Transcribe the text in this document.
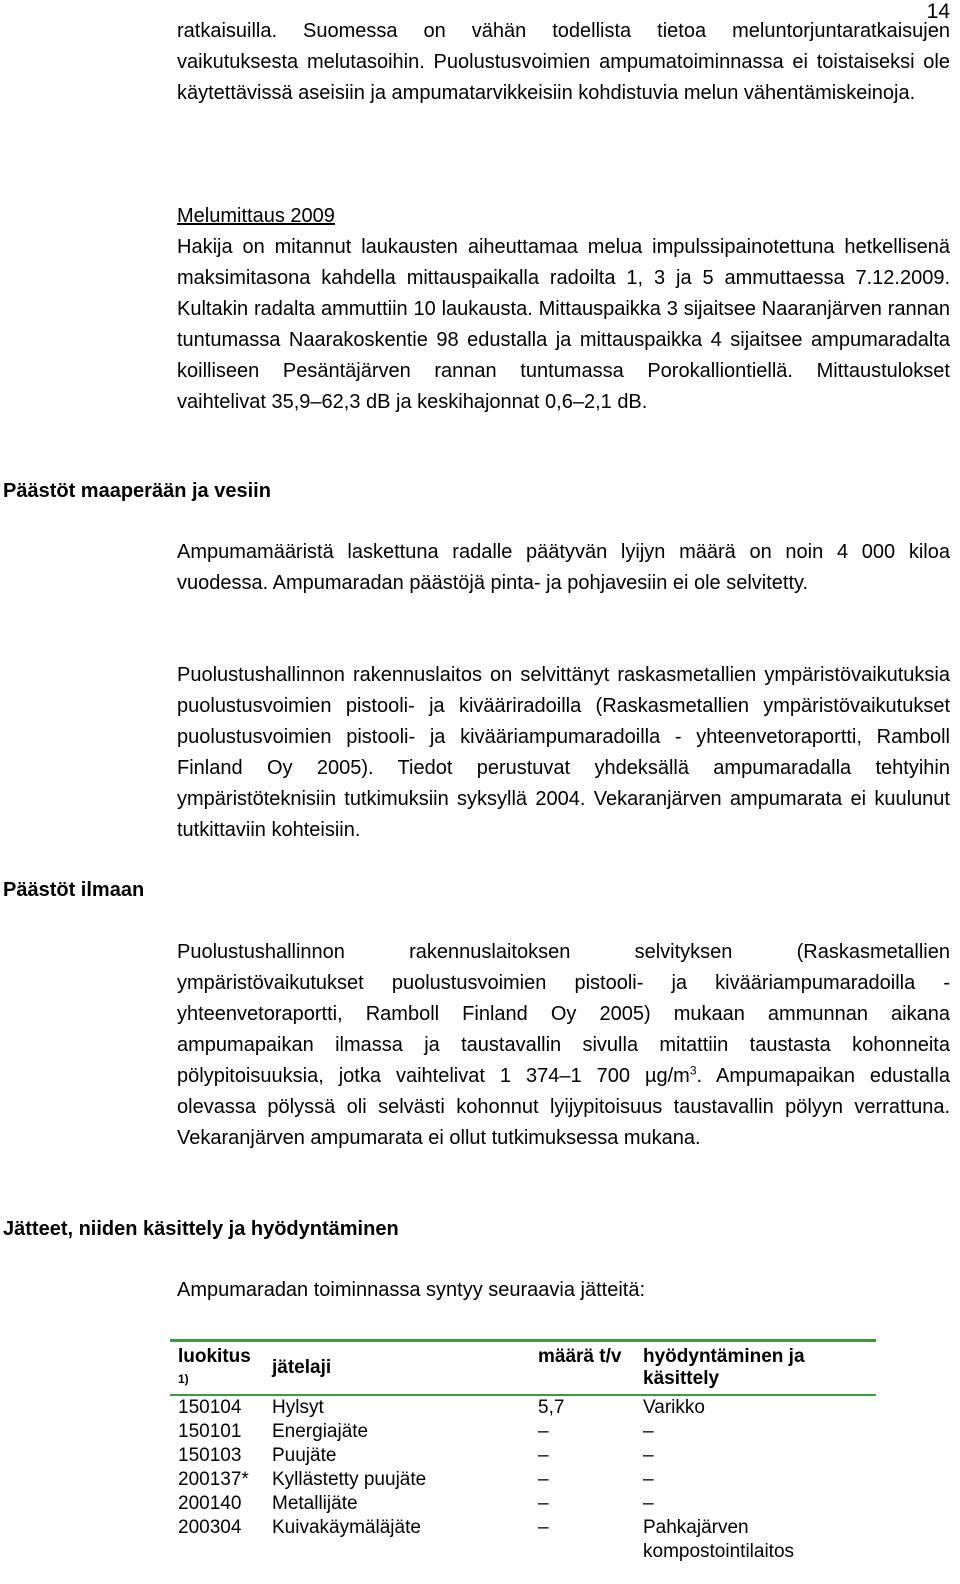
14

ratkaisuilla. Suomessa on vähän todellista tietoa meluntorjuntaratkaisujen vaikutuksesta melutasoihin. Puolustusvoimien ampumatoiminnassa ei toistaiseksi ole käytettävissä aseisiin ja ampumatarvikkeisiin kohdistuvia melun vähentämiskeinoja.

Melumittaus 2009

Hakija on mitannut laukausten aiheuttamaa melua impulssipainotettuna hetkellisenä maksimitasona kahdella mittauspaikalla radoilta 1, 3 ja 5 ammuttaessa 7.12.2009. Kultakin radalta ammuttiin 10 laukausta. Mittauspaikka 3 sijaitsee Naaranjärven rannan tuntumassa Naarakoskentie 98 edustalla ja mittauspaikka 4 sijaitsee ampumaradalta koilliseen Pesäntäjärven rannan tuntumassa Porokalliontiellä. Mittaustulokset vaihtelivat 35,9–62,3 dB ja keskihajonnat 0,6–2,1 dB.

Päästöt maaperään ja vesiin

Ampumamääristä laskettuna radalle päätyvän lyijyn määrä on noin 4 000 kiloa vuodessa. Ampumaradan päästöjä pinta- ja pohjavesiin ei ole selvitetty.

Puolustushallinnon rakennuslaitos on selvittänyt raskasmetallien ympäristövaikutuksia puolustusvoimien pistooli- ja kivääriradoilla (Raskasmetallien ympäristövaikutukset puolustusvoimien pistooli- ja kivääriampumaradoilla - yhteenvetoraportti, Ramboll Finland Oy 2005). Tiedot perustuvat yhdeksällä ampumaradalla tehtyihin ympäristöteknisiin tutkimuksiin syksyllä 2004. Vekaranjärven ampumarata ei kuulunut tutkittaviin kohteisiin.

Päästöt ilmaan

Puolustushallinnon rakennuslaitoksen selvityksen (Raskasmetallien ympäristövaikutukset puolustusvoimien pistooli- ja kivääriampumaradoilla -yhteenvetoraportti, Ramboll Finland Oy 2005) mukaan ammunnan aikana ampumapaikan ilmassa ja taustavallin sivulla mitattiin taustasta kohonneita pölypitoisuuksia, jotka vaihtelivat 1 374–1 700 $\mu g/m^3$. Ampumapaikan edustalla olevassa pölyssä oli selvästi kohonnut lyijypitoisuus taustavallin pölyyn verrattuna. Vekaranjärven ampumarata ei ollut tutkimuksessa mukana.

Jätteet, niiden käsittely ja hyödyntäminen

Ampumaradan toiminnassa syntyy seuraavia jätteitä:

luokitus
1)	jätelaji	määrä t/v	hyödyntäminen ja käsittely
150104	Hylsyt	5,7	Varikko
150101	Energiajäte	–	–
150103	Puujäte	–	–
200137*	Kyllästetty puujäte	–	–
200140	Metallijäte	–	–
200304	Kuivakäymäläjäte	–	Pahkajärven kompostointilaitos
